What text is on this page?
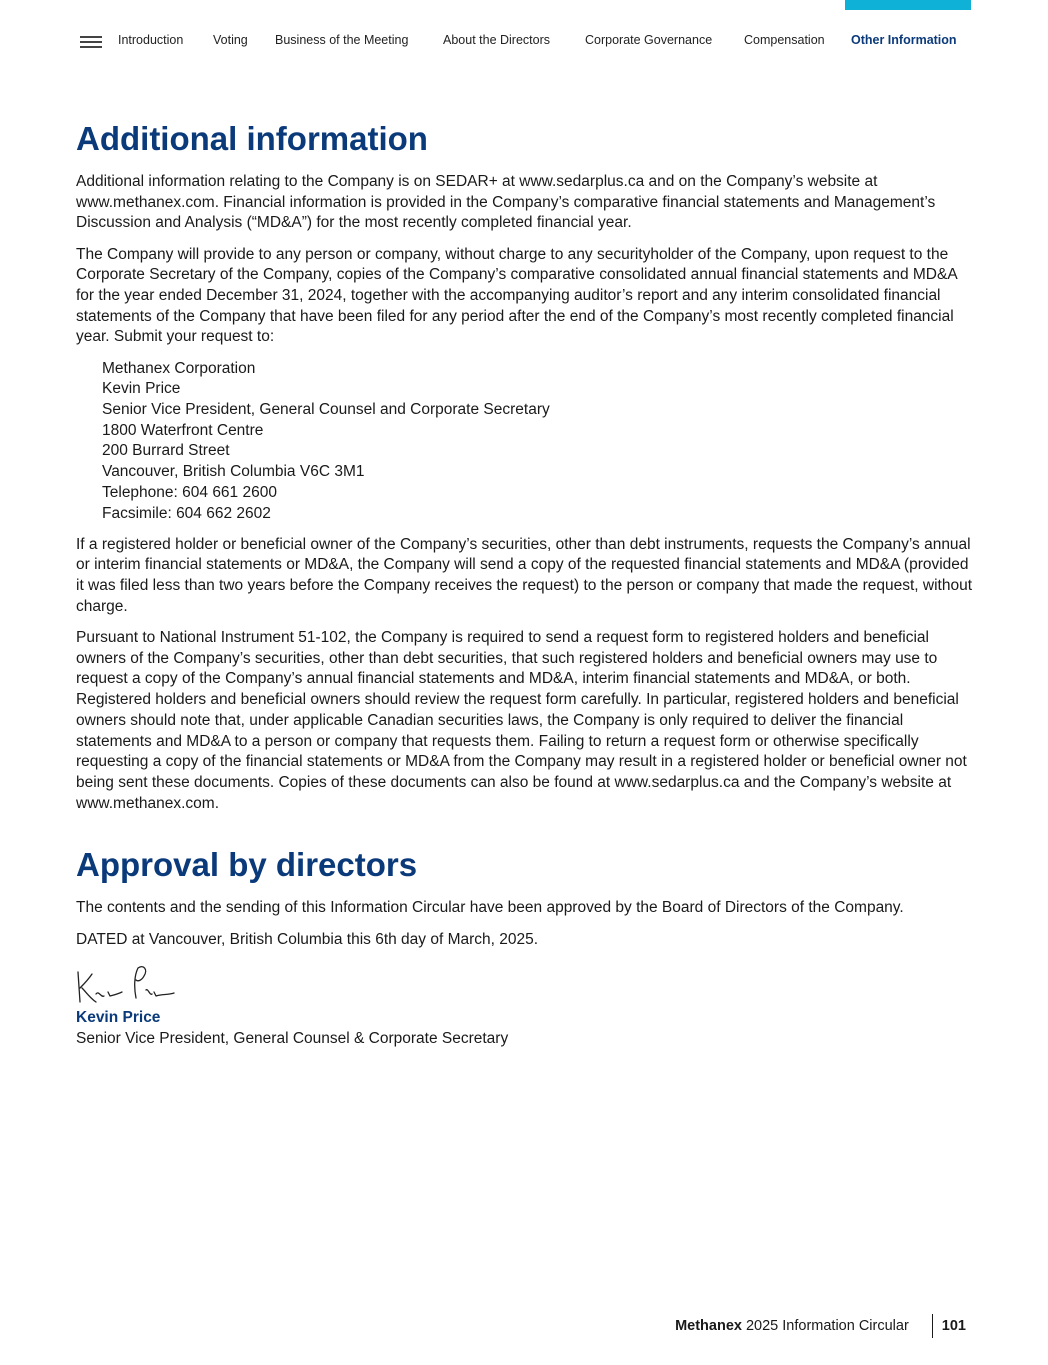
Introduction Voting Business of the Meeting	About the Directors	Corporate Governance	Compensation Other Information
Additional information

Additional information relating to the Company is on SEDAR+ at www.sedarplus.ca and on the Company’s website at www.methanex.com. Financial information is provided in the Company’s comparative financial statements and Management’s Discussion and Analysis (“MD&A”) for the most recently completed financial year.

The Company will provide to any person or company, without charge to any securityholder of the Company, upon request to the Corporate Secretary of the Company, copies of the Company’s comparative consolidated annual financial statements and MD&A for the year ended December 31, 2024, together with the accompanying auditor’s report and any interim consolidated financial statements of the Company that have been filed for any period after the end of the Company’s most recently completed financial year. Submit your request to:

Methanex Corporation
Kevin Price
Senior Vice President, General Counsel and Corporate Secretary
1800 Waterfront Centre
200 Burrard Street
Vancouver, British Columbia V6C 3M1
Telephone: 604 661 2600
Facsimile: 604 662 2602

If a registered holder or beneficial owner of the Company’s securities, other than debt instruments, requests the Company’s annual or interim financial statements or MD&A, the Company will send a copy of the requested financial statements and MD&A (provided it was filed less than two years before the Company receives the request) to the person or company that made the request, without charge.

Pursuant to National Instrument 51-102, the Company is required to send a request form to registered holders and beneficial owners of the Company’s securities, other than debt securities, that such registered holders and beneficial owners may use to request a copy of the Company’s annual financial statements and MD&A, interim financial statements and MD&A, or both. Registered holders and beneficial owners should review the request form carefully. In particular, registered holders and beneficial owners should note that, under applicable Canadian securities laws, the Company is only required to deliver the financial statements and MD&A to a person or company that requests them. Failing to return a request form or otherwise specifically requesting a copy of the financial statements or MD&A from the Company may result in a registered holder or beneficial owner not being sent these documents. Copies of these documents can also be found at www.sedarplus.ca and the Company’s website at www.methanex.com.

Approval by directors

The contents and the sending of this Information Circular have been approved by the Board of Directors of the Company.

DATED at Vancouver, British Columbia this 6th day of March, 2025.

Kevin Price
Senior Vice President, General Counsel & Corporate Secretary
Methanex
2025 Information Circular 101
